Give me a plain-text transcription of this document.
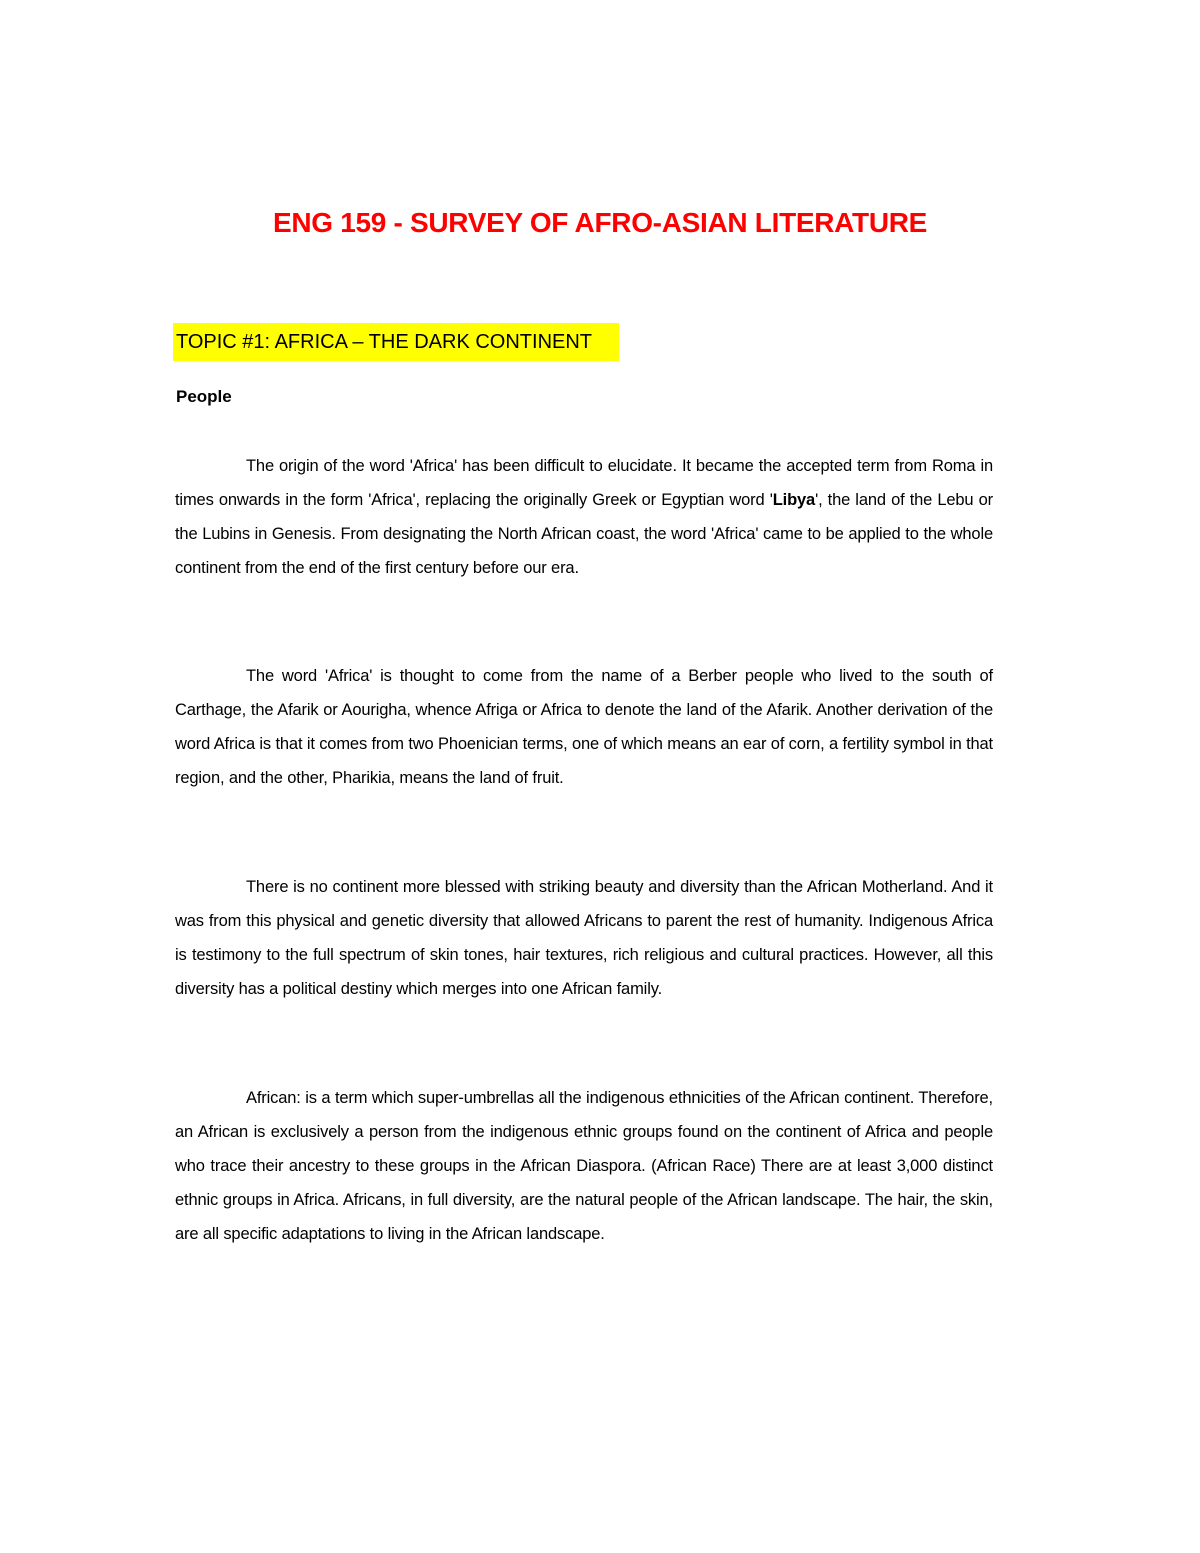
ENG 159 - SURVEY OF AFRO-ASIAN LITERATURE
TOPIC #1: AFRICA – THE DARK CONTINENT

People

The origin of the word 'Africa' has been difficult to elucidate. It became the accepted term from Roma in times onwards in the form 'Africa', replacing the originally Greek or Egyptian word 'Libya', the land of the Lebu or the Lubins in Genesis. From designating the North African coast, the word 'Africa' came to be applied to the whole continent from the end of the first century before our era.

The word 'Africa' is thought to come from the name of a Berber people who lived to the south of Carthage, the Afarik or Aourigha, whence Afriga or Africa to denote the land of the Afarik. Another derivation of the word Africa is that it comes from two Phoenician terms, one of which means an ear of corn, a fertility symbol in that region, and the other, Pharikia, means the land of fruit.

There is no continent more blessed with striking beauty and diversity than the African Motherland. And it was from this physical and genetic diversity that allowed Africans to parent the rest of humanity. Indigenous Africa is testimony to the full spectrum of skin tones, hair textures, rich religious and cultural practices. However, all this diversity has a political destiny which merges into one African family.

African: is a term which super-umbrellas all the indigenous ethnicities of the African continent. Therefore, an African is exclusively a person from the indigenous ethnic groups found on the continent of Africa and people who trace their ancestry to these groups in the African Diaspora. (African Race) There are at least 3,000 distinct ethnic groups in Africa. Africans, in full diversity, are the natural people of the African landscape. The hair, the skin, are all specific adaptations to living in the African landscape.
